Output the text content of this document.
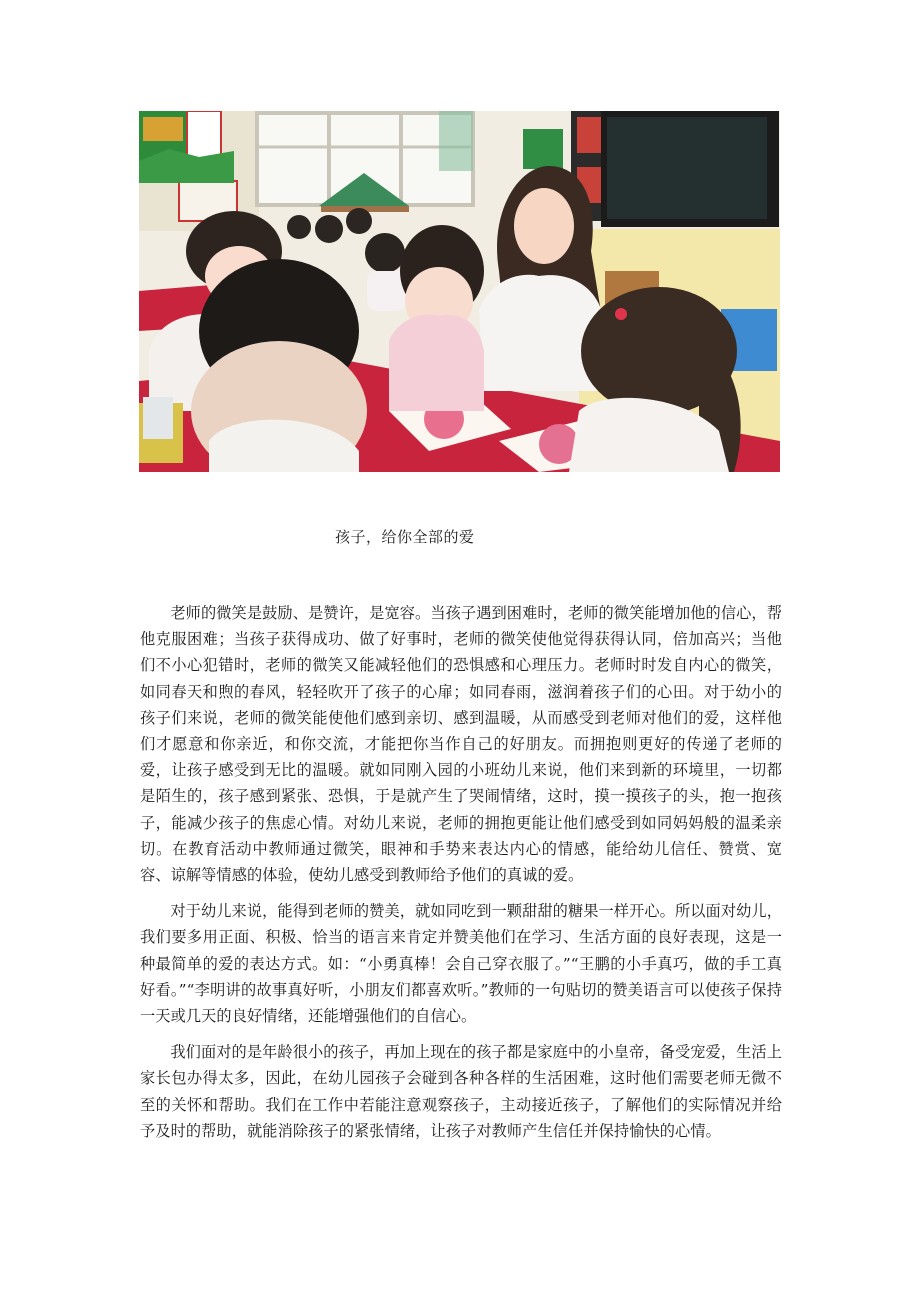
孩子，给你全部的爱

老师的微笑是鼓励、是赞许，是宽容。当孩子遇到困难时，老师的微笑能增加他的信心，帮他克服困难；当孩子获得成功、做了好事时，老师的微笑使他觉得获得认同，倍加高兴；当他们不小心犯错时，老师的微笑又能减轻他们的恐惧感和心理压力。老师时时发自内心的微笑，如同春天和煦的春风，轻轻吹开了孩子的心扉；如同春雨，滋润着孩子们的心田。对于幼小的孩子们来说，老师的微笑能使他们感到亲切、感到温暖，从而感受到老师对他们的爱，这样他们才愿意和你亲近，和你交流，才能把你当作自己的好朋友。而拥抱则更好的传递了老师的爱，让孩子感受到无比的温暖。就如同刚入园的小班幼儿来说，他们来到新的环境里，一切都是陌生的，孩子感到紧张、恐惧，于是就产生了哭闹情绪，这时，摸一摸孩子的头，抱一抱孩子，能减少孩子的焦虑心情。对幼儿来说，老师的拥抱更能让他们感受到如同妈妈般的温柔亲切。在教育活动中教师通过微笑，眼神和手势来表达内心的情感，能给幼儿信任、赞赏、宽容、谅解等情感的体验，使幼儿感受到教师给予他们的真诚的爱。

对于幼儿来说，能得到老师的赞美，就如同吃到一颗甜甜的糖果一样开心。所以面对幼儿，我们要多用正面、积极、恰当的语言来肯定并赞美他们在学习、生活方面的良好表现，这是一种最简单的爱的表达方式。如：“小勇真棒！会自己穿衣服了。”“王鹏的小手真巧，做的手工真好看。”“李明讲的故事真好听，小朋友们都喜欢听。”教师的一句贴切的赞美语言可以使孩子保持一天或几天的良好情绪，还能增强他们的自信心。

我们面对的是年龄很小的孩子，再加上现在的孩子都是家庭中的小皇帝，备受宠爱，生活上家长包办得太多，因此，在幼儿园孩子会碰到各种各样的生活困难，这时他们需要老师无微不至的关怀和帮助。我们在工作中若能注意观察孩子，主动接近孩子，了解他们的实际情况并给予及时的帮助，就能消除孩子的紧张情绪，让孩子对教师产生信任并保持愉快的心情。
